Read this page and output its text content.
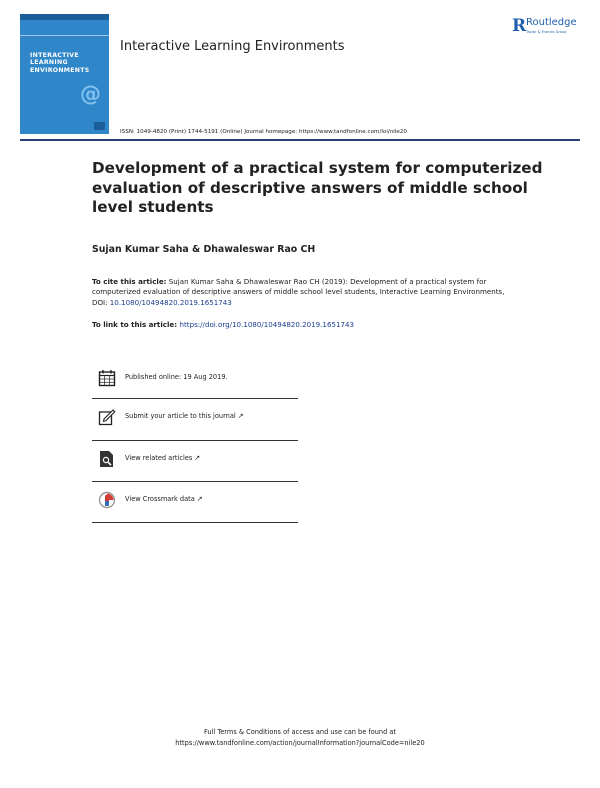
INTERACTIVE
LEARNING
ENVIRONMENTS
@
Interactive Learning Environments
R Routledge
Taylor & Francis Group
ISSN: 1049-4820 (Print) 1744-5191 (Online) Journal homepage: https://www.tandfonline.com/loi/nile20
Development of a practical system for computerized evaluation of descriptive answers of middle school level students
Sujan Kumar Saha & Dhawaleswar Rao CH
To cite this article: Sujan Kumar Saha & Dhawaleswar Rao CH (2019): Development of a practical system for computerized evaluation of descriptive answers of middle school level students, Interactive Learning Environments, DOI: 10.1080/10494820.2019.1651743
To link to this article: https://doi.org/10.1080/10494820.2019.1651743
Published online: 19 Aug 2019.
Submit your article to this journal ↗
View related articles ↗
View Crossmark data ↗
Full Terms & Conditions of access and use can be found at
https://www.tandfonline.com/action/journalInformation?journalCode=nile20
